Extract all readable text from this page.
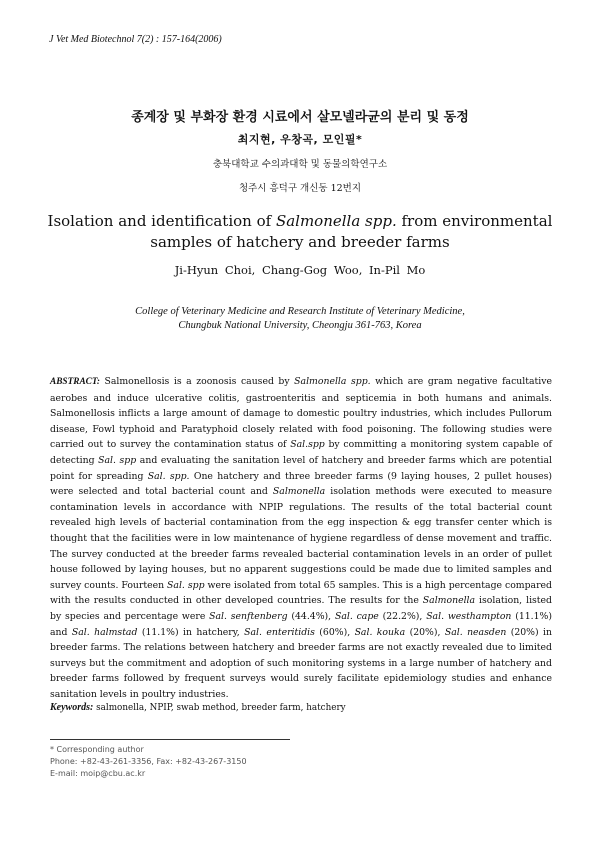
J Vet Med Biotechnol 7(2) : 157-164(2006)
종계장 및 부화장 환경 시료에서 살모넬라균의 분리 및 동정
최지현, 우창곡, 모인필*
충북대학교 수의과대학 및 동물의학연구소
청주시 흥덕구 개신동 12번지
Isolation and identification of Salmonella spp. from environmental
samples of hatchery and breeder farms
Ji-Hyun Choi, Chang-Gog Woo, In-Pil Mo
College of Veterinary Medicine and Research Institute of Veterinary Medicine,
Chungbuk National University, Cheongju 361-763, Korea
ABSTRACT: Salmonellosis is a zoonosis caused by Salmonella spp. which are gram negative facultative aerobes and induce ulcerative colitis, gastroenteritis and septicemia in both humans and animals. Salmonellosis inflicts a large amount of damage to domestic poultry industries, which includes Pullorum disease, Fowl typhoid and Paratyphoid closely related with food poisoning. The following studies were carried out to survey the contamination status of Sal.spp by committing a monitoring system capable of detecting Sal. spp and evaluating the sanitation level of hatchery and breeder farms which are potential point for spreading Sal. spp. One hatchery and three breeder farms (9 laying houses, 2 pullet houses) were selected and total bacterial count and Salmonella isolation methods were executed to measure contamination levels in accordance with NPIP regulations. The results of the total bacterial count revealed high levels of bacterial contamination from the egg inspection & egg transfer center which is thought that the facilities were in low maintenance of hygiene regardless of dense movement and traffic. The survey conducted at the breeder farms revealed bacterial contamination levels in an order of pullet house followed by laying houses, but no apparent suggestions could be made due to limited samples and survey counts. Fourteen Sal. spp were isolated from total 65 samples. This is a high percentage compared with the results conducted in other developed countries. The results for the Salmonella isolation, listed by species and percentage were Sal. senftenberg (44.4%), Sal. cape (22.2%), Sal. westhampton (11.1%) and Sal. halmstad (11.1%) in hatchery, Sal. enteritidis (60%), Sal. kouka (20%), Sal. neasden (20%) in breeder farms. The relations between hatchery and breeder farms are not exactly revealed due to limited surveys but the commitment and adoption of such monitoring systems in a large number of hatchery and breeder farms followed by frequent surveys would surely facilitate epidemiology studies and enhance sanitation levels in poultry industries.
Keywords: salmonella, NPIP, swab method, breeder farm, hatchery
* Corresponding author
Phone: +82-43-261-3356, Fax: +82-43-267-3150
E-mail: moip@cbu.ac.kr
